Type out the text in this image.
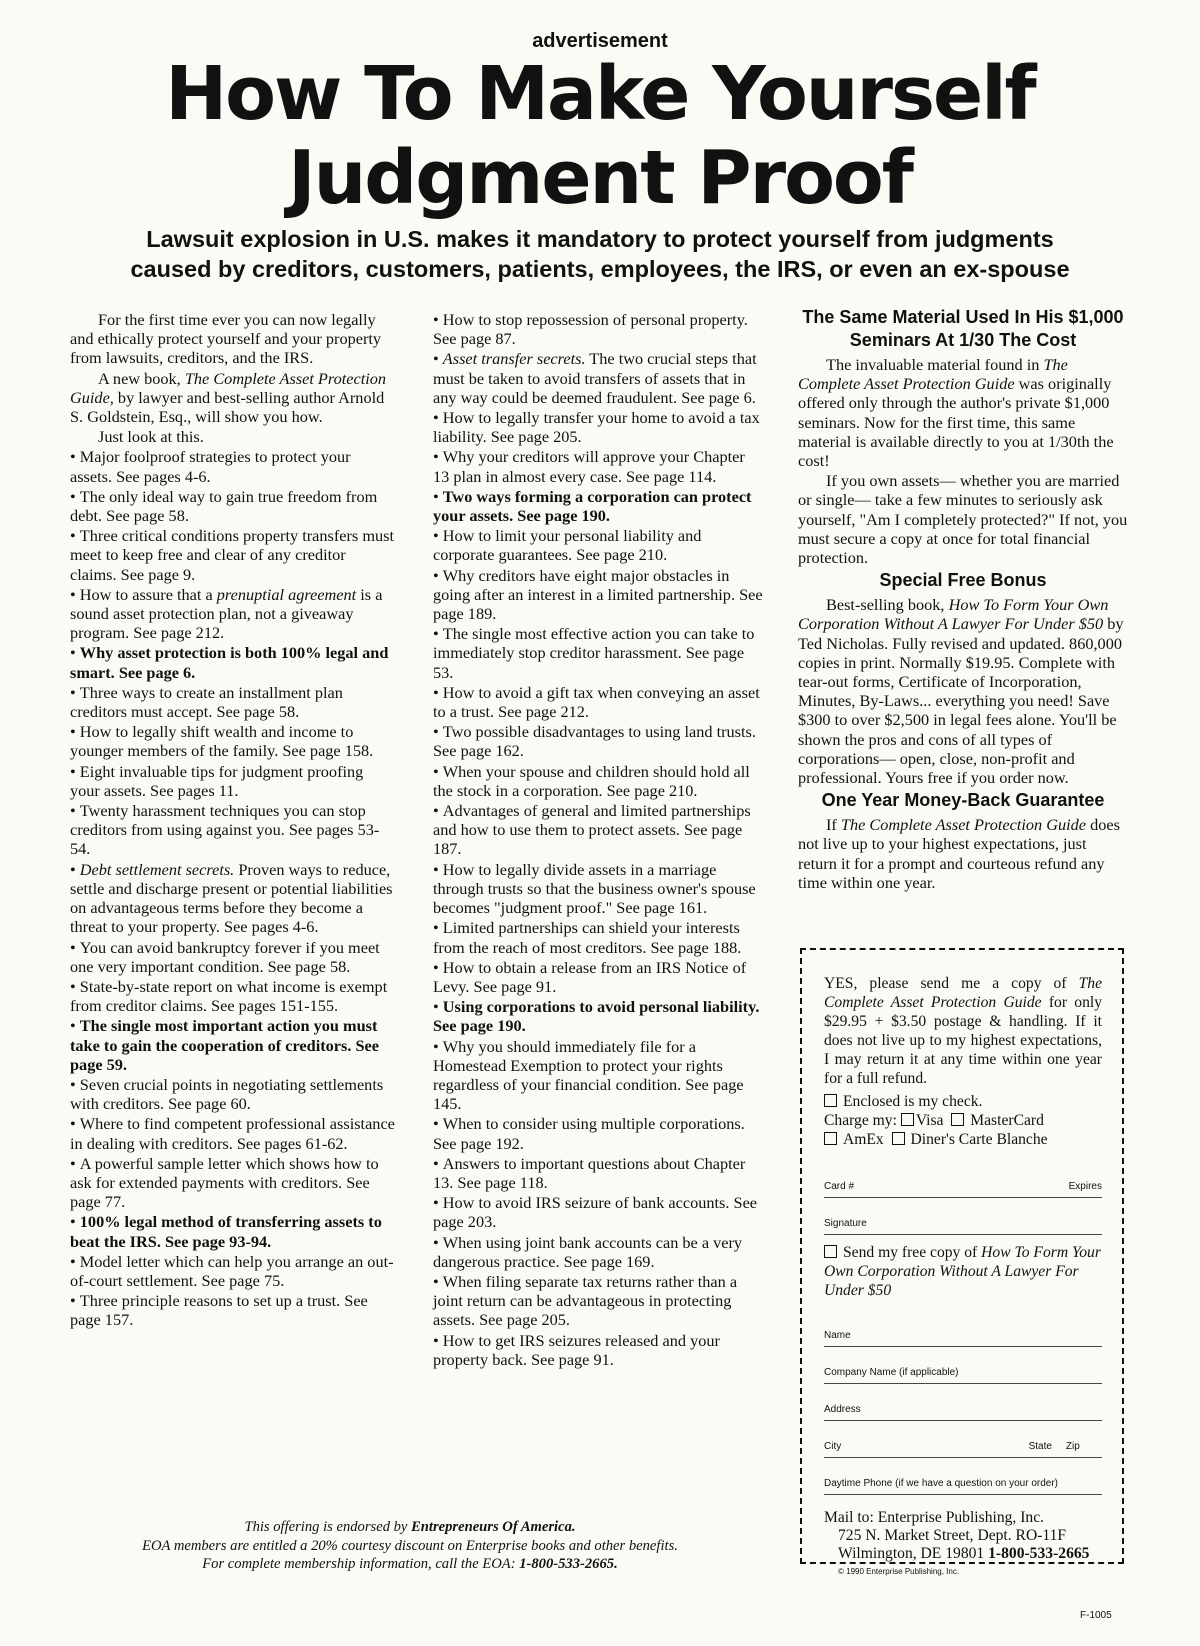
advertisement
How To Make Yourself
Judgment Proof
Lawsuit explosion in U.S. makes it mandatory to protect yourself from judgments
caused by creditors, customers, patients, employees, the IRS, or even an ex-spouse

For the first time ever you can now legally and ethically protect yourself and your property from lawsuits, creditors, and the IRS.

A new book, The Complete Asset Protection Guide, by lawyer and best-selling author Arnold S. Goldstein, Esq., will show you how.

Just look at this.

• Major foolproof strategies to protect your assets. See pages 4-6.
• The only ideal way to gain true freedom from debt. See page 58.
• Three critical conditions property transfers must meet to keep free and clear of any creditor claims. See page 9.
• How to assure that a prenuptial agreement is a sound asset protection plan, not a giveaway program. See page 212.
• Why asset protection is both 100% legal and smart. See page 6.
• Three ways to create an installment plan creditors must accept. See page 58.
• How to legally shift wealth and income to younger members of the family. See page 158.
• Eight invaluable tips for judgment proofing your assets. See pages 11.
• Twenty harassment techniques you can stop creditors from using against you. See pages 53-54.
• Debt settlement secrets. Proven ways to reduce, settle and discharge present or potential liabilities on advantageous terms before they become a threat to your property. See pages 4-6.
• You can avoid bankruptcy forever if you meet one very important condition. See page 58.
• State-by-state report on what income is exempt from creditor claims. See pages 151-155.
• The single most important action you must take to gain the cooperation of creditors. See page 59.
• Seven crucial points in negotiating settlements with creditors. See page 60.
• Where to find competent professional assistance in dealing with creditors. See pages 61-62.
• A powerful sample letter which shows how to ask for extended payments with creditors. See page 77.
• 100% legal method of transferring assets to beat the IRS. See page 93-94.
• Model letter which can help you arrange an out-of-court settlement. See page 75.
• Three principle reasons to set up a trust. See page 157.
• How to stop repossession of personal property. See page 87.
• Asset transfer secrets. The two crucial steps that must be taken to avoid transfers of assets that in any way could be deemed fraudulent. See page 6.
• How to legally transfer your home to avoid a tax liability. See page 205.
• Why your creditors will approve your Chapter 13 plan in almost every case. See page 114.
• Two ways forming a corporation can protect your assets. See page 190.
• How to limit your personal liability and corporate guarantees. See page 210.
• Why creditors have eight major obstacles in going after an interest in a limited partnership. See page 189.
• The single most effective action you can take to immediately stop creditor harassment. See page 53.
• How to avoid a gift tax when conveying an asset to a trust. See page 212.
• Two possible disadvantages to using land trusts. See page 162.
• When your spouse and children should hold all the stock in a corporation. See page 210.
• Advantages of general and limited partnerships and how to use them to protect assets. See page 187.
• How to legally divide assets in a marriage through trusts so that the business owner's spouse becomes "judgment proof." See page 161.
• Limited partnerships can shield your interests from the reach of most creditors. See page 188.
• How to obtain a release from an IRS Notice of Levy. See page 91.
• Using corporations to avoid personal liability. See page 190.
• Why you should immediately file for a Homestead Exemption to protect your rights regardless of your financial condition. See page 145.
• When to consider using multiple corporations. See page 192.
• Answers to important questions about Chapter 13. See page 118.
• How to avoid IRS seizure of bank accounts. See page 203.
• When using joint bank accounts can be a very dangerous practice. See page 169.
• When filing separate tax returns rather than a joint return can be advantageous in protecting assets. See page 205.
• How to get IRS seizures released and your property back. See page 91.
The Same Material Used In His $1,000 Seminars At 1/30 The Cost

The invaluable material found in The Complete Asset Protection Guide was originally offered only through the author's private $1,000 seminars. Now for the first time, this same material is available directly to you at 1/30th the cost!

If you own assets— whether you are married or single— take a few minutes to seriously ask yourself, "Am I completely protected?" If not, you must secure a copy at once for total financial protection.

Special Free Bonus

Best-selling book, How To Form Your Own Corporation Without A Lawyer For Under $50 by Ted Nicholas. Fully revised and updated. 860,000 copies in print. Normally $19.95. Complete with tear-out forms, Certificate of Incorporation, Minutes, By-Laws... everything you need! Save $300 to over $2,500 in legal fees alone. You'll be shown the pros and cons of all types of corporations— open, close, non-profit and professional. Yours free if you order now.

One Year Money-Back Guarantee

If The Complete Asset Protection Guide does not live up to your highest expectations, just return it for a prompt and courteous refund any time within one year.

YES, please send me a copy of The Complete Asset Protection Guide for only $29.95 + $3.50 postage & handling. If it does not live up to my highest expectations, I may return it at any time within one year for a full refund.
Enclosed is my check.
Charge my: Visa MasterCard
AmEx Diner's Carte Blanche
Card #	Expires
Signature
Send my free copy of How To Form Your Own Corporation Without A Lawyer For Under $50
Name
Company Name (if applicable)
Address
City	State Zip
Daytime Phone (if we have a question on your order)
Mail to: Enterprise Publishing, Inc.
725 N. Market Street, Dept. RO-11F
Wilmington, DE 19801 1-800-533-2665
© 1990 Enterprise Publishing, Inc.
This offering is endorsed by Entrepreneurs Of America.
EOA members are entitled a 20% courtesy discount on Enterprise books and other benefits.
For complete membership information, call the EOA: 1-800-533-2665.
F-1005
